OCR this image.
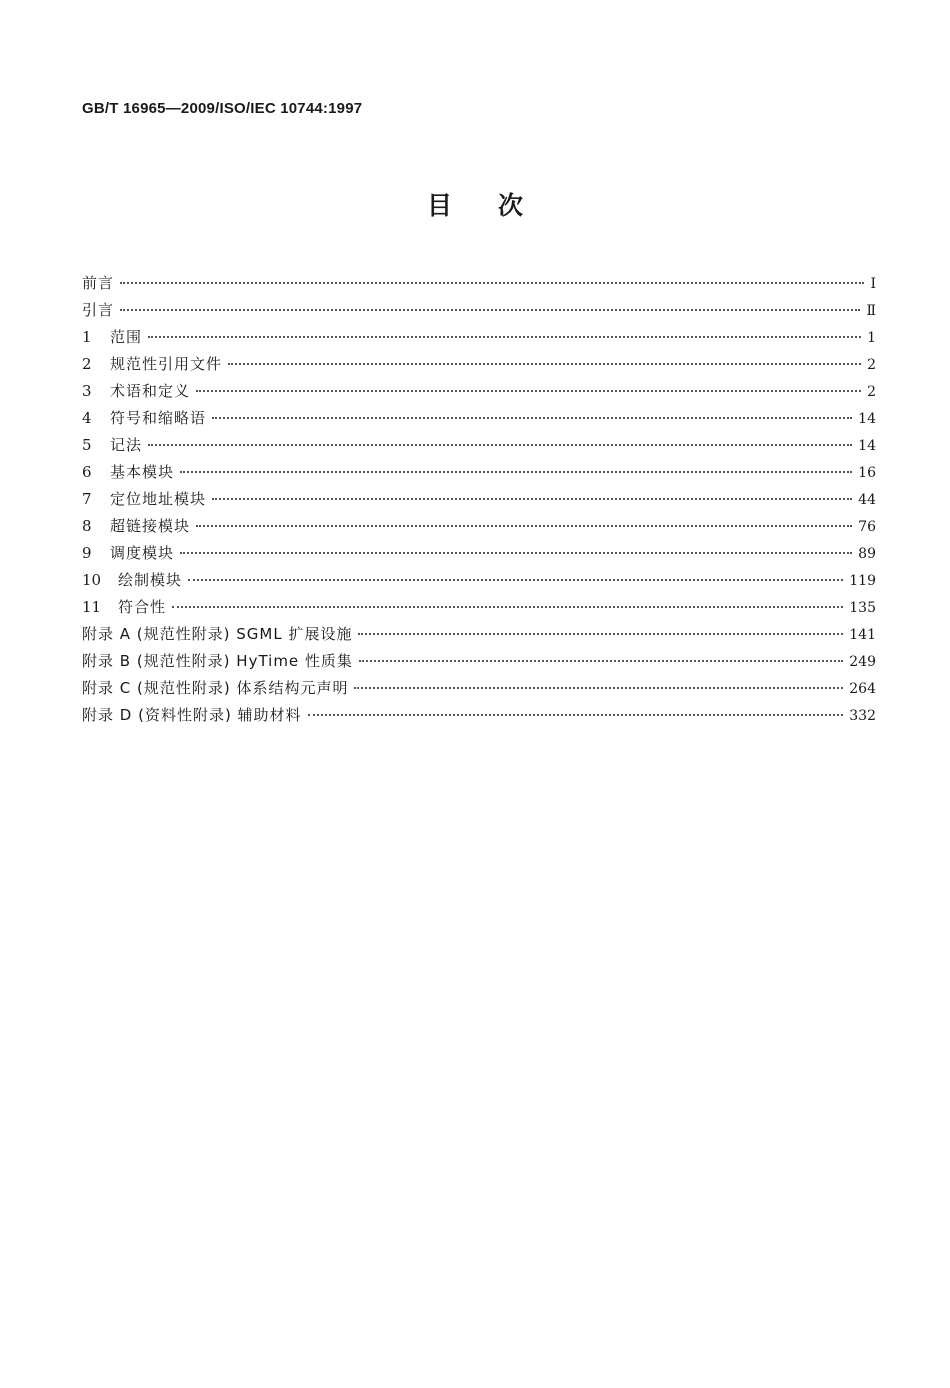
GB/T 16965—2009/ISO/IEC 10744:1997
目 次
前言	Ⅰ
引言	Ⅱ
1	范围	1
2	规范性引用文件	2
3	术语和定义	2
4	符号和缩略语	14
5	记法	14
6	基本模块	16
7	定位地址模块	44
8	超链接模块	76
9	调度模块	89
10	绘制模块	119
11	符合性	135
附录 A (规范性附录) SGML 扩展设施	141
附录 B (规范性附录) HyTime 性质集	249
附录 C (规范性附录) 体系结构元声明	264
附录 D (资料性附录) 辅助材料	332
